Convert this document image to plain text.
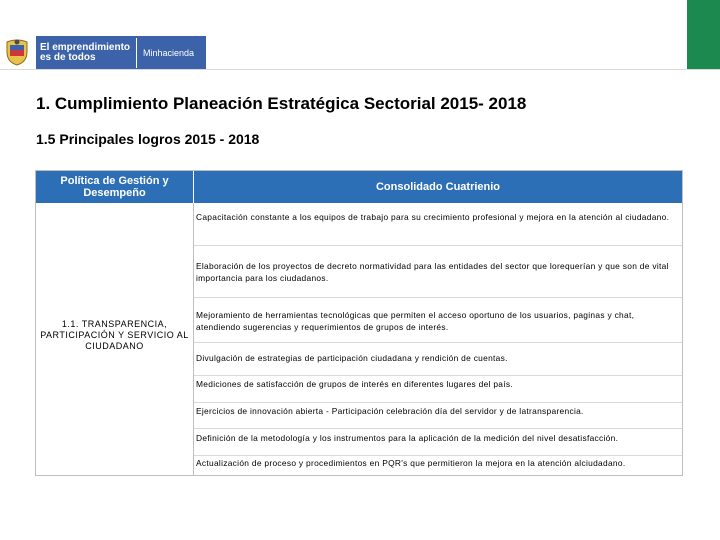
El emprendimiento
es de todos	Minhacienda
1. Cumplimiento Planeación Estratégica Sectorial 2015- 2018
1.5 Principales logros 2015 - 2018
Política de Gestión y Desempeño	Consolidado Cuatrienio
1.1. TRANSPARENCIA, PARTICIPACIÓN Y SERVICIO AL CIUDADANO
Capacitación constante a los equipos de trabajo para su crecimiento profesional y mejora en la atención al ciudadano.
Elaboración de los proyectos de decreto normatividad para las entidades del sector que lorequerían y que son de vital importancia para los ciudadanos.
Mejoramiento de herramientas tecnológicas que permiten el acceso oportuno de los usuarios, paginas y chat, atendiendo sugerencias y requerimientos de grupos de interés.
Divulgación de estrategias de participación ciudadana y rendición de cuentas.
Mediciones de satisfacción de grupos de interés en diferentes lugares del país.
Ejercicios de innovación abierta - Participación celebración día del servidor y de latransparencia.
Definición de la metodología y los instrumentos para la aplicación de la medición del nivel desatisfacción.
Actualización de proceso y procedimientos en PQR's que permitieron la mejora en la atención alciudadano.
